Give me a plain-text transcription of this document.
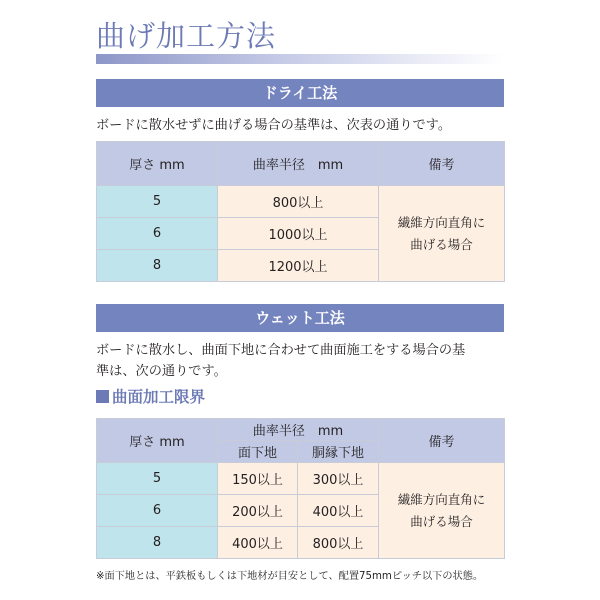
曲げ加工方法
ドライ工法

ボードに散水せずに曲げる場合の基準は、次表の通りです。

厚さ mm	曲率半径　mm	備考
5	800以上	繊維方向直角に
曲げる場合
6	1000以上	
8	1200以上	
ウェット工法

ボードに散水し、曲面下地に合わせて曲面施工をする場合の基

準は、次の通りです。

曲面加工限界
厚さ mm	曲率半径　mm		備考
	面下地	胴縁下地	
5	150以上	300以上	繊維方向直角に
曲げる場合
6	200以上	400以上	
8	400以上	800以上	

※面下地とは、平鉄板もしくは下地材が目安として、配置75mmピッチ以下の状態。
